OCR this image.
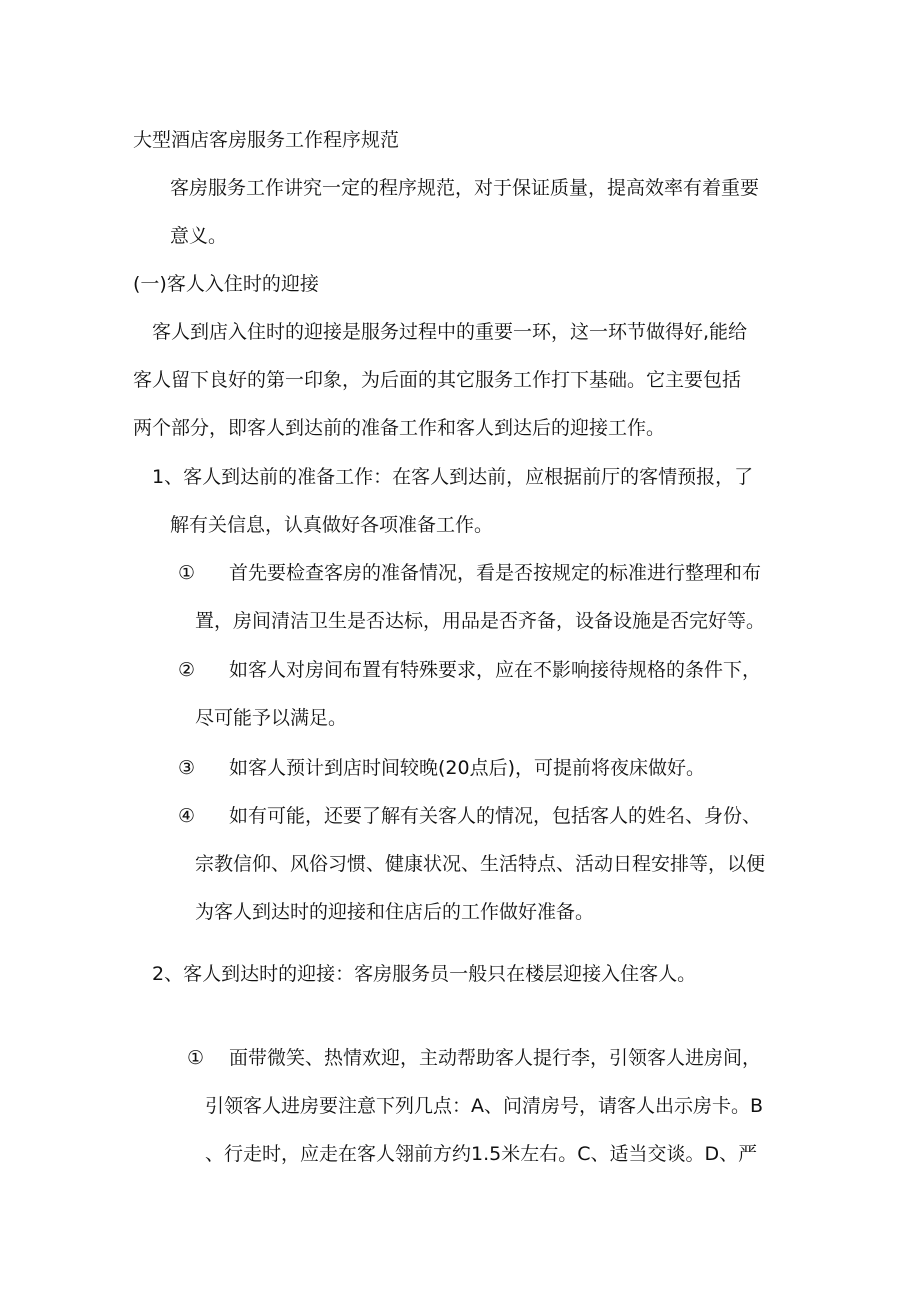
大型酒店客房服务工作程序规范

客房服务工作讲究一定的程序规范，对于保证质量，提高效率有着重要

意义。

(一)客人入住时的迎接

客人到店入住时的迎接是服务过程中的重要一环，这一环节做得好,能给

客人留下良好的第一印象，为后面的其它服务工作打下基础。它主要包括

两个部分，即客人到达前的准备工作和客人到达后的迎接工作。

1、客人到达前的准备工作：在客人到达前，应根据前厅的客情预报，了

解有关信息，认真做好各项准备工作。

① 首先要检查客房的准备情况，看是否按规定的标准进行整理和布

置，房间清洁卫生是否达标，用品是否齐备，设备设施是否完好等。

② 如客人对房间布置有特殊要求，应在不影响接待规格的条件下，

尽可能予以满足。

③ 如客人预计到店时间较晚(20点后)，可提前将夜床做好。

④ 如有可能，还要了解有关客人的情况，包括客人的姓名、身份、

宗教信仰、风俗习惯、健康状况、生活特点、活动日程安排等，以便

为客人到达时的迎接和住店后的工作做好准备。

2、客人到达时的迎接：客房服务员一般只在楼层迎接入住客人。

① 面带微笑、热情欢迎，主动帮助客人提行李，引领客人进房间，

引领客人进房要注意下列几点：A、问清房号，请客人出示房卡。B

、行走时，应走在客人翎前方约1.5米左右。C、适当交谈。D、严
